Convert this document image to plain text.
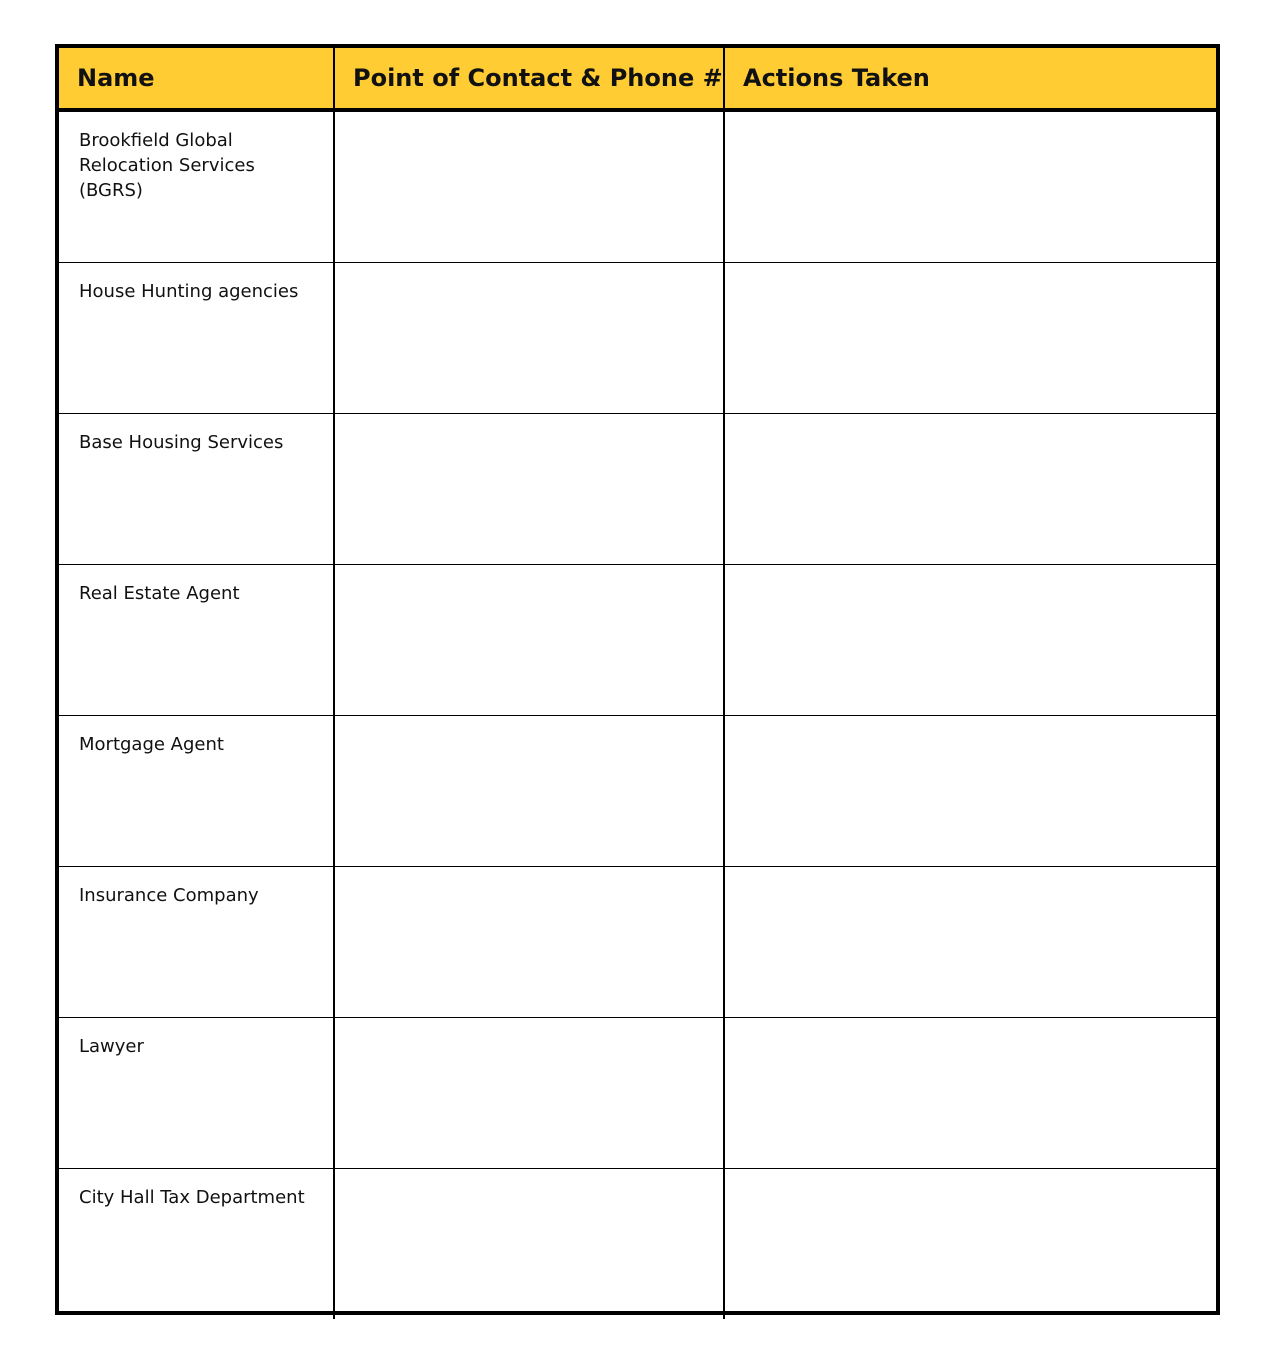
Name	Point of Contact & Phone #	Actions Taken

Brookfield Global Relocation Services (BGRS)		

House Hunting agencies		

Base Housing Services		

Real Estate Agent		

Mortgage Agent		

Insurance Company		

Lawyer		

City Hall Tax Department		
